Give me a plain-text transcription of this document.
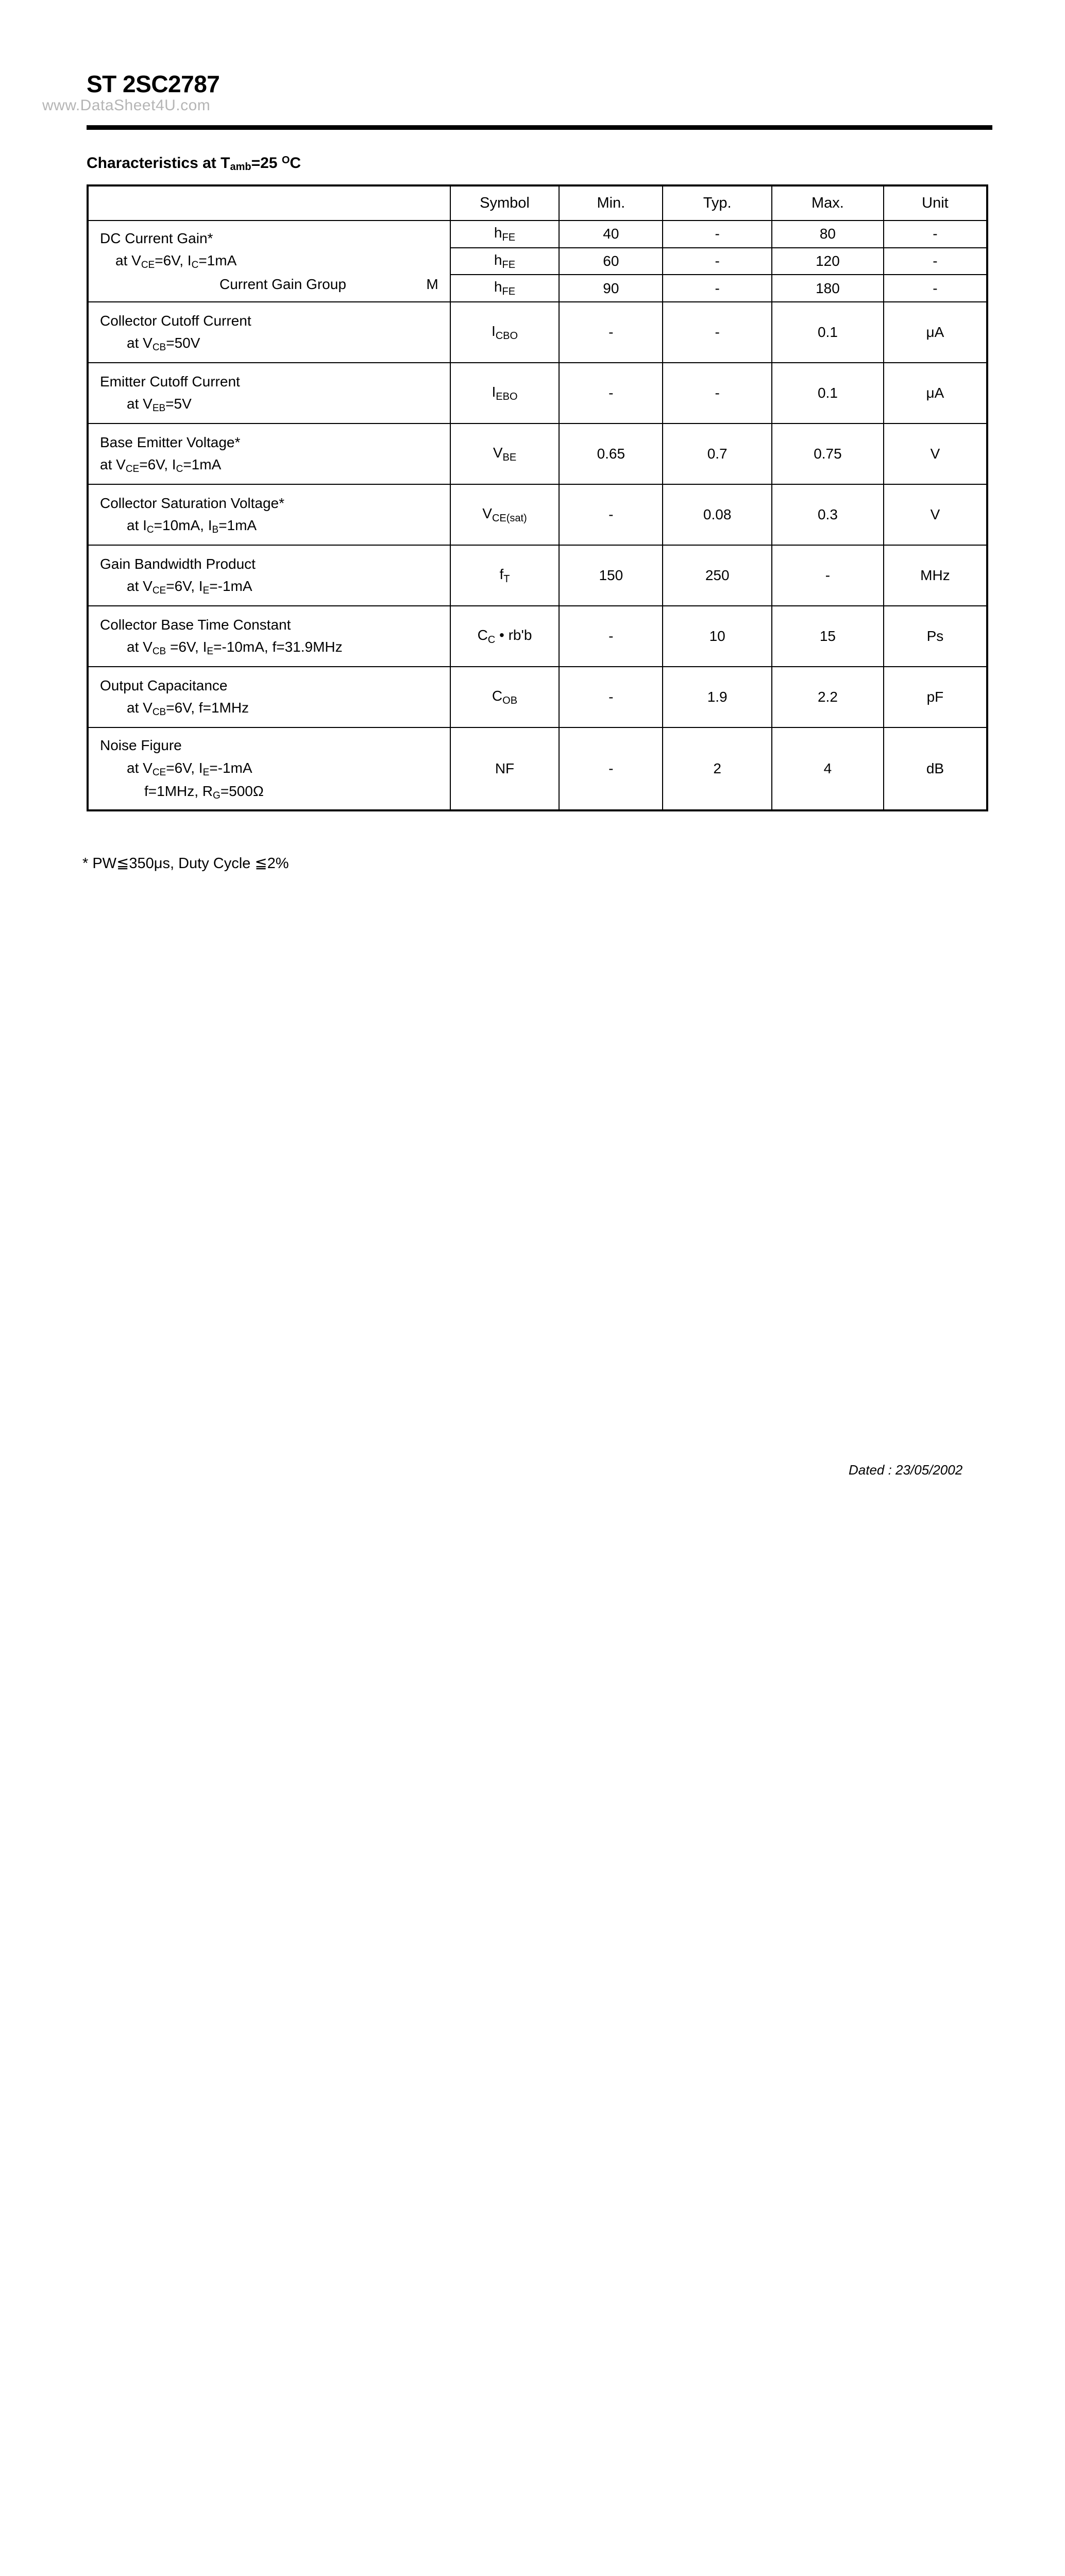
ST 2SC2787
www.DataSheet4U.com
Characteristics at $T_{amb}=25$ $^O$C
	Symbol	Min.	Typ.	Max.	Unit
DC Current Gain*
at $V_{CE}=6V$, $I_C=1mA$
Current Gain Group M	$h_{FE}$	40	-	80	-
	$h_{FE}$	60	-	120	-
	$h_{FE}$	90	-	180	-
Collector Cutoff Current
at $V_{CB}=50V$	$I_{CBO}$	-	-	0.1	μA
Emitter Cutoff Current
at $V_{EB}=5V$	$I_{EBO}$	-	-	0.1	μA
Base Emitter Voltage*
at $V_{CE}=6V$, $I_C=1mA$	$V_{BE}$	0.65	0.7	0.75	V
Collector Saturation Voltage*
at $I_C=10mA$, $I_B=1mA$	$V_{CE(sat)}$	-	0.08	0.3	V
Gain Bandwidth Product
at $V_{CE}=6V$, $I_E=-1mA$	$f_T$	150	250	-	MHz
Collector Base Time Constant
at $V_{CB} =6V$, $I_E=-10mA$, f=31.9MHz	$C_C$ • rb'b	-	10	15	Ps
Output Capacitance
at $V_{CB}=6V$, f=1MHz	$C_{OB}$	-	1.9	2.2	pF
Noise Figure
at $V_{CE}=6V$, $I_E=-1mA$
f=1MHz, $R_G=500\Omega$	NF	-	2	4	dB
* PW≦350μs, Duty Cycle ≦2%
Dated : 23/05/2002
